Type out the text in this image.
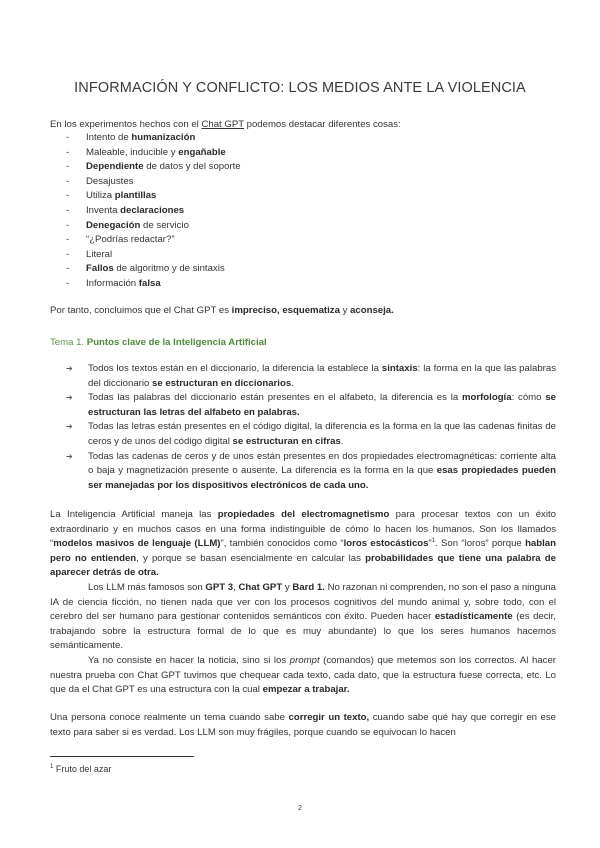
INFORMACIÓN Y CONFLICTO: LOS MEDIOS ANTE LA VIOLENCIA

En los experimentos hechos con el Chat GPT podemos destacar diferentes cosas:

-	Intento de humanización
-	Maleable, inducible y engañable
-	Dependiente de datos y del soporte
-	Desajustes
-	Utiliza plantillas
-	Inventa declaraciones
-	Denegación de servicio
-	“¿Podrías redactar?”
-	Literal
-	Fallos de algoritmo y de sintaxis
-	Información falsa

Por tanto, concluimos que el Chat GPT es impreciso, esquematiza y aconseja.

Tema 1. Puntos clave de la Inteligencia Artificial
➔	Todos los textos están en el diccionario, la diferencia la establece la sintaxis: la forma en la que las palabras del diccionario se estructuran en diccionarios.
➔	Todas las palabras del diccionario están presentes en el alfabeto, la diferencia es la morfología: cómo se estructuran las letras del alfabeto en palabras.
➔	Todas las letras están presentes en el código digital, la diferencia es la forma en la que las cadenas finitas de ceros y de unos del código digital se estructuran en cifras.
➔	Todas las cadenas de ceros y de unos están presentes en dos propiedades electromagnéticas: corriente alta o baja y magnetización presente o ausente. La diferencia es la forma en la que esas propiedades pueden ser manejadas por los dispositivos electrónicos de cada uno.

La Inteligencia Artificial maneja las propiedades del electromagnetismo para procesar textos con un éxito extraordinario y en muchos casos en una forma indistinguible de cómo lo hacen los humanos. Son los llamados “modelos masivos de lenguaje (LLM)”, también conocidos como “loros estocásticos”$^1$. Son “loros” porque hablan pero no entienden, y porque se basan esencialmente en calcular las probabilidades que tiene una palabra de aparecer detrás de otra.

Los LLM más famosos son GPT 3, Chat GPT y Bard 1. No razonan ni comprenden, no son el paso a ninguna IA de ciencia ficción, no tienen nada que ver con los procesos cognitivos del mundo animal y, sobre todo, con el cerebro del ser humano para gestionar contenidos semánticos con éxito. Pueden hacer estadísticamente (es decir, trabajando sobre la estructura formal de lo que es muy abundante) lo que los seres humanos hacemos semánticamente.

Ya no consiste en hacer la noticia, sino si los prompt (comandos) que metemos son los correctos. Al hacer nuestra prueba con Chat GPT tuvimos que chequear cada texto, cada dato, que la estructura fuese correcta, etc. Lo que da el Chat GPT es una estructura con la cual empezar a trabajar.

Una persona conoce realmente un tema cuando sabe corregir un texto, cuando sabe qué hay que corregir en ese texto para saber si es verdad. Los LLM son muy frágiles, porque cuando se equivocan lo hacen

$^1$ Fruto del azar
2
